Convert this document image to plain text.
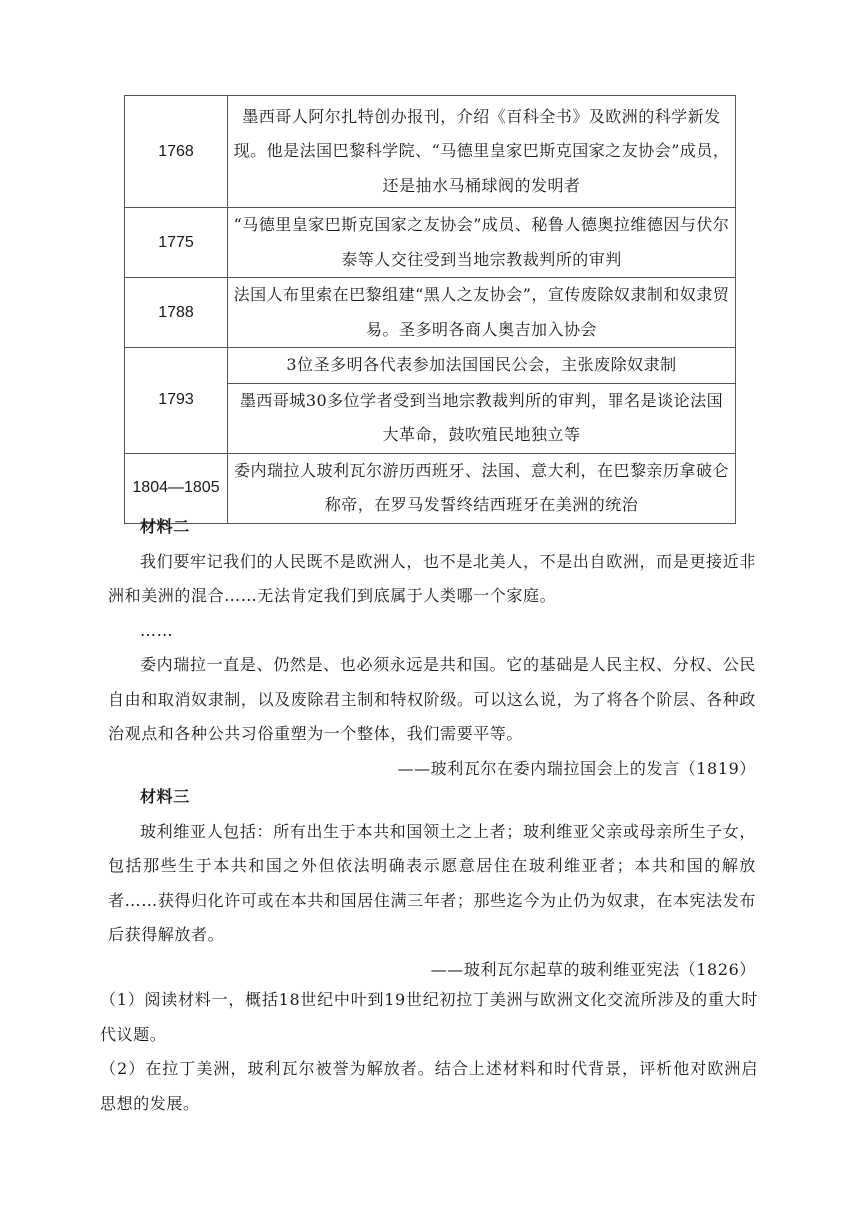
1768	墨西哥人阿尔扎特创办报刊，介绍《百科全书》及欧洲的科学新发现。他是法国巴黎科学院、“马德里皇家巴斯克国家之友协会”成员，还是抽水马桶球阀的发明者
1775	“马德里皇家巴斯克国家之友协会”成员、秘鲁人德奥拉维德因与伏尔泰等人交往受到当地宗教裁判所的审判
1788	法国人布里索在巴黎组建“黑人之友协会”，宣传废除奴隶制和奴隶贸易。圣多明各商人奥吉加入协会
1793	3位圣多明各代表参加法国国民公会，主张废除奴隶制
墨西哥城30多位学者受到当地宗教裁判所的审判，罪名是谈论法国大革命，鼓吹殖民地独立等

1804—1805	委内瑞拉人玻利瓦尔游历西班牙、法国、意大利，在巴黎亲历拿破仑称帝，在罗马发誓终结西班牙在美洲的统治
材料二

我们要牢记我们的人民既不是欧洲人，也不是北美人，不是出自欧洲，而是更接近非洲和美洲的混合……无法肯定我们到底属于人类哪一个家庭。

……

委内瑞拉一直是、仍然是、也必须永远是共和国。它的基础是人民主权、分权、公民自由和取消奴隶制，以及废除君主制和特权阶级。可以这么说，为了将各个阶层、各种政治观点和各种公共习俗重塑为一个整体，我们需要平等。

——玻利瓦尔在委内瑞拉国会上的发言（1819）
材料三

玻利维亚人包括：所有出生于本共和国领土之上者；玻利维亚父亲或母亲所生子女，包括那些生于本共和国之外但依法明确表示愿意居住在玻利维亚者；本共和国的解放者……获得归化许可或在本共和国居住满三年者；那些迄今为止仍为奴隶，在本宪法发布后获得解放者。

——玻利瓦尔起草的玻利维亚宪法（1826）

（1）阅读材料一，概括18世纪中叶到19世纪初拉丁美洲与欧洲文化交流所涉及的重大时代议题。

（2）在拉丁美洲，玻利瓦尔被誉为解放者。结合上述材料和时代背景，评析他对欧洲启思想的发展。
